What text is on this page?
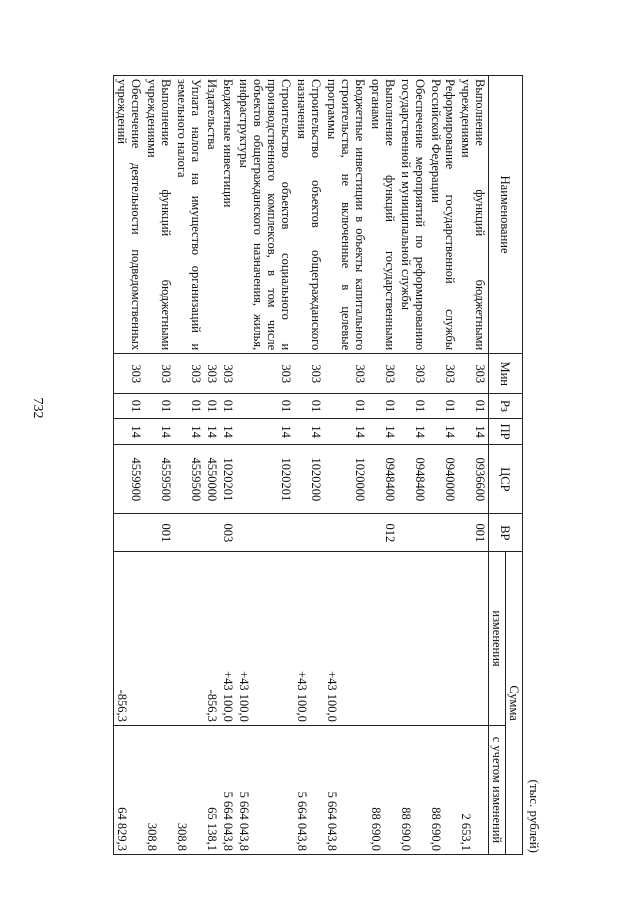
732
(тыс. рублей)
Наименование	Мин	Рз	ПР	ЦСР	ВР	Сумма	
						изменения	с учетом изменений
Выполнение функций бюджетными учреждениями	303	01	14	0936600	001		2 653,1
Реформирование государственной службы Российской Федерации	303	01	14	0940000			88 690,0
Обеспечение мероприятий по реформированию государственной и муниципальной службы	303	01	14	0948400			88 690,0
Выполнение функций государственными органами	303	01	14	0948400	012		88 690,0
Бюджетные инвестиции в объекты капитального строительства, не включенные в целевые программы	303	01	14	1020000		+43 100,0	5 664 043,8
Строительство объектов общегражданского назначения	303	01	14	1020200		+43 100,0	5 664 043,8
Строительство объектов социального и производственного комплексов, в том числе объектов общегражданского назначения, жилья, инфраструктуры	303	01	14	1020201		+43 100,0	5 664 043,8
Бюджетные инвестиции	303	01	14	1020201	003	+43 100,0	5 664 043,8
Издательства	303	01	14	4550000		-856,3	65 138,1
Уплата налога на имущество организаций и земельного налога	303	01	14	4559500			308,8
Выполнение функций бюджетными учреждениями	303	01	14	4559500	001		308,8
Обеспечение деятельности подведомственных учреждений	303	01	14	4559900		-856,3	64 829,3
